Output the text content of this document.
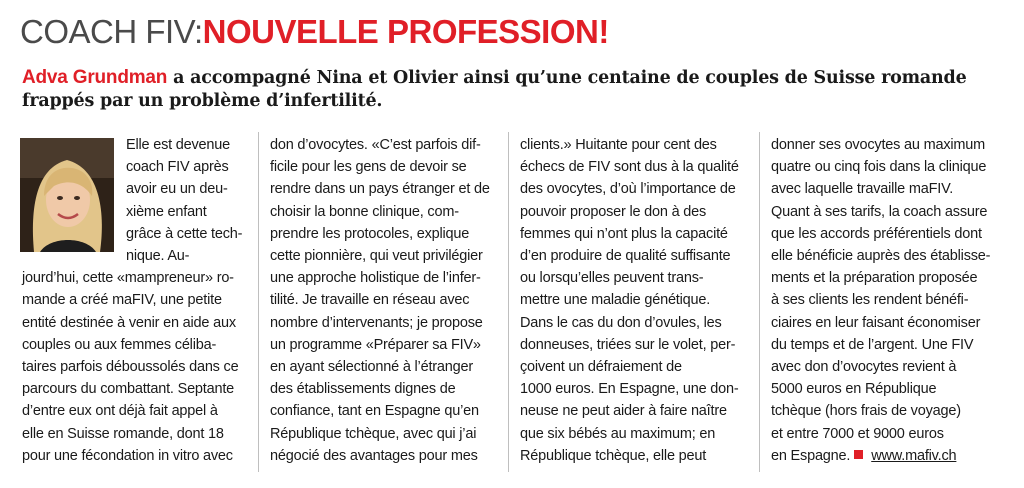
COACH FIV:NOUVELLE PROFESSION!
Adva Grundman a accompagné Nina et Olivier ainsi qu’une centaine de couples de Suisse romande frappés par un problème d’infertilité.
Elle est devenue
coach FIV après
avoir eu un deu-
xième enfant
grâce à cette tech-
nique. Au-
jourd’hui, cette «mampreneur» ro-
mande a créé maFIV, une petite
entité destinée à venir en aide aux
couples ou aux femmes céliba-
taires parfois déboussolés dans ce
parcours du combattant. Septante
d’entre eux ont déjà fait appel à
elle en Suisse romande, dont 18
pour une fécondation in vitro avec
don d’ovocytes. «C’est parfois dif-
ficile pour les gens de devoir se
rendre dans un pays étranger et de
choisir la bonne clinique, com-
prendre les protocoles, explique
cette pionnière, qui veut privilégier
une approche holistique de l’infer-
tilité. Je travaille en réseau avec
nombre d’intervenants; je propose
un programme «Préparer sa FIV»
en ayant sélectionné à l’étranger
des établissements dignes de
confiance, tant en Espagne qu’en
République tchèque, avec qui j’ai
négocié des avantages pour mes
clients.» Huitante pour cent des
échecs de FIV sont dus à la qualité
des ovocytes, d’où l’importance de
pouvoir proposer le don à des
femmes qui n’ont plus la capacité
d’en produire de qualité suffisante
ou lorsqu’elles peuvent trans-
mettre une maladie génétique.
Dans le cas du don d’ovules, les
donneuses, triées sur le volet, per-
çoivent un défraiement de
1000 euros. En Espagne, une don-
neuse ne peut aider à faire naître
que six bébés au maximum; en
République tchèque, elle peut
donner ses ovocytes au maximum
quatre ou cinq fois dans la clinique
avec laquelle travaille maFIV.
Quant à ses tarifs, la coach assure
que les accords préférentiels dont
elle bénéficie auprès des établisse-
ments et la préparation proposée
à ses clients les rendent bénéfi-
ciaires en leur faisant économiser
du temps et de l’argent. Une FIV
avec don d’ovocytes revient à
5000 euros en République
tchèque (hors frais de voyage)
et entre 7000 et 9000 euros
en Espagne. www.mafiv.ch
